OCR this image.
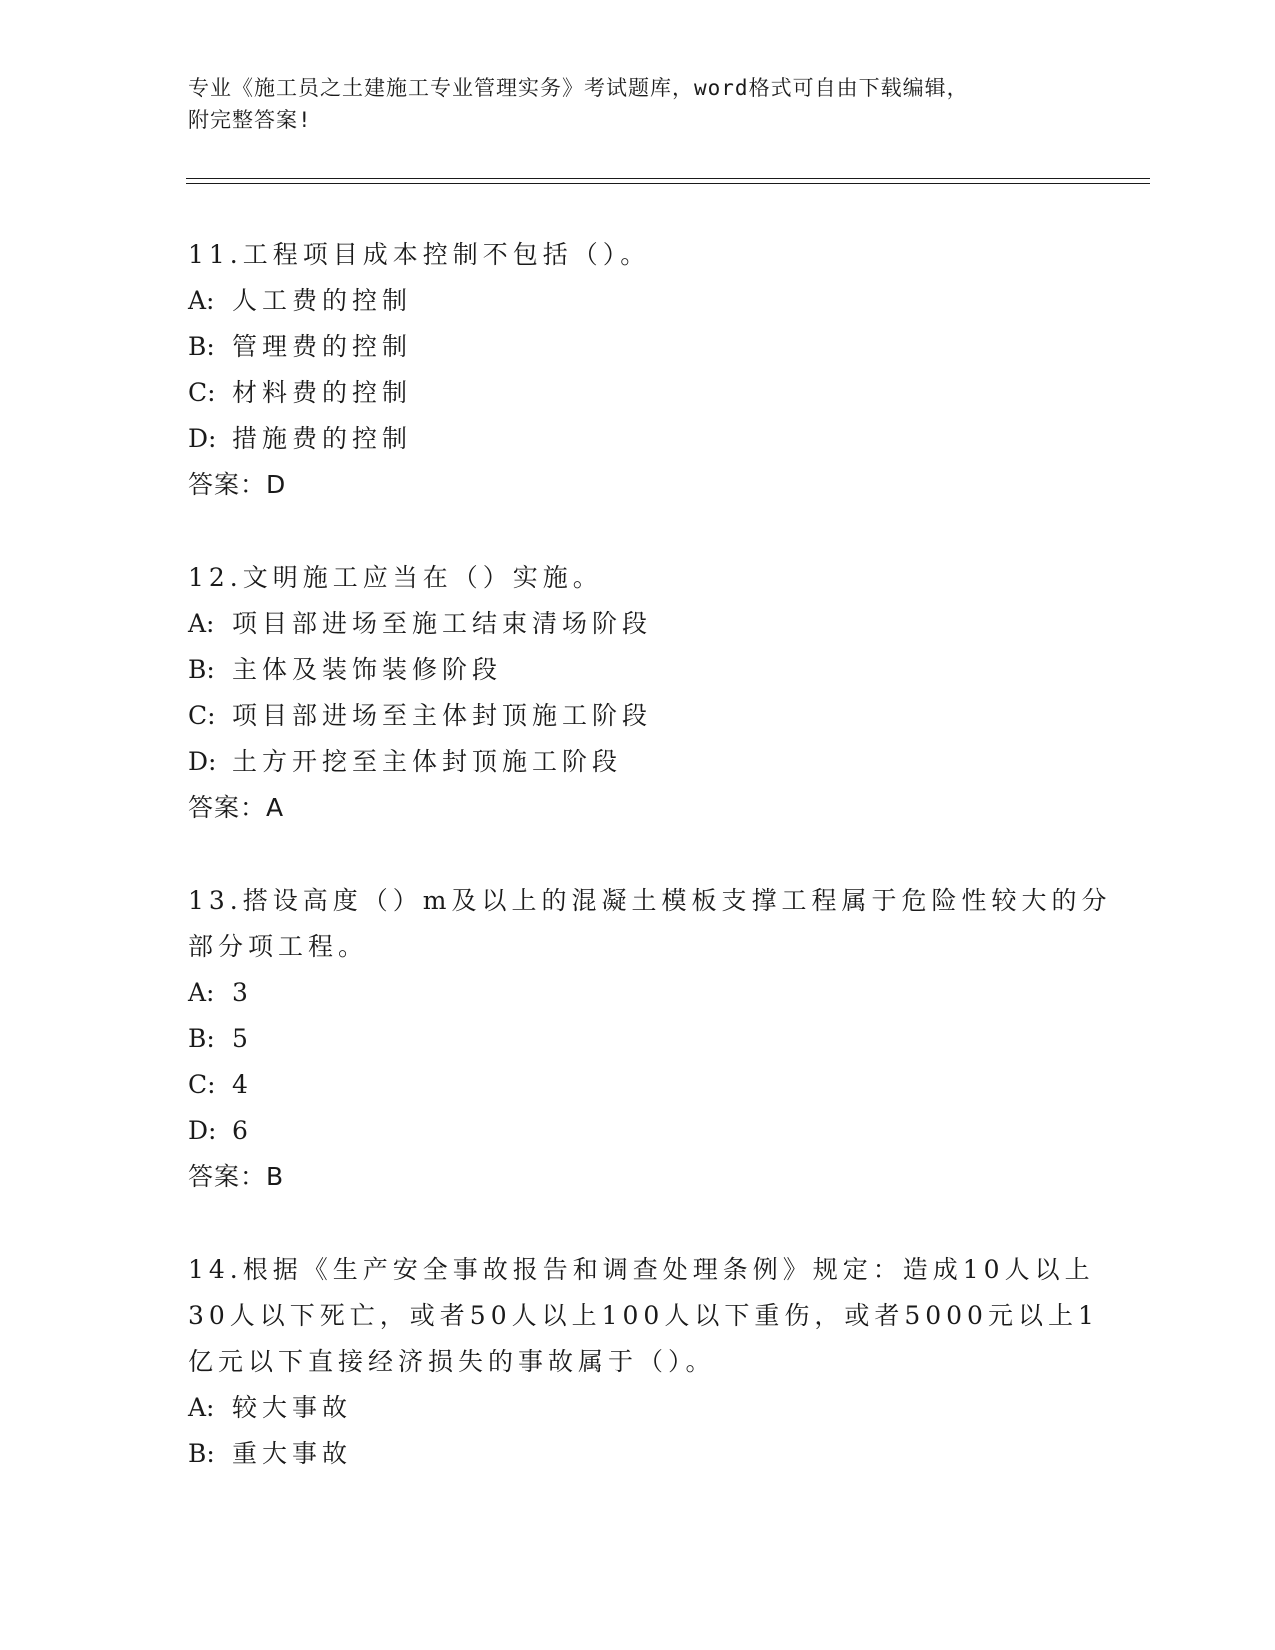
专业《施工员之土建施工专业管理实务》考试题库，word格式可自由下载编辑，
附完整答案!
11.工程项目成本控制不包括（）。
A: 人工费的控制
B: 管理费的控制
C: 材料费的控制
D: 措施费的控制
答案：D
12.文明施工应当在（）实施。
A: 项目部进场至施工结束清场阶段
B: 主体及装饰装修阶段
C: 项目部进场至主体封顶施工阶段
D: 土方开挖至主体封顶施工阶段
答案：A
13.搭设高度（）m及以上的混凝土模板支撑工程属于危险性较大的分
部分项工程。
A: 3
B: 5
C: 4
D: 6
答案：B
14.根据《生产安全事故报告和调查处理条例》规定：造成10人以上
30人以下死亡，或者50人以上100人以下重伤，或者5000元以上1
亿元以下直接经济损失的事故属于（）。
A: 较大事故
B: 重大事故
